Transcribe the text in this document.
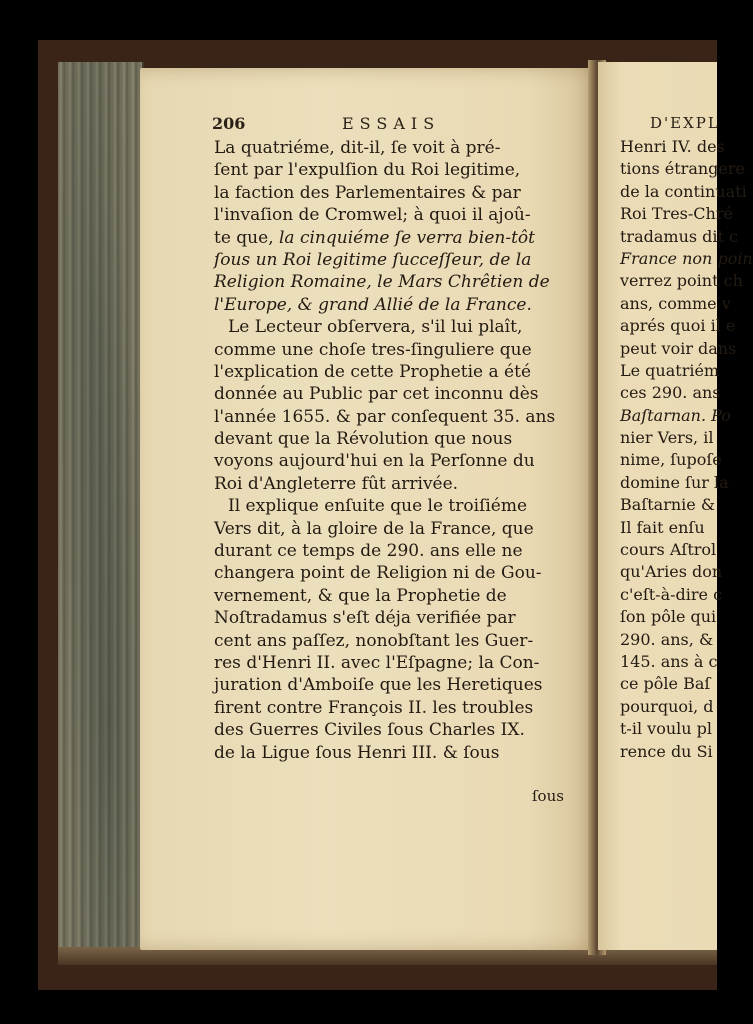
206	ESSAIS
La quatriéme, dit-il, ſe voit à pré-
ſent par l'expulſion du Roi legitime,
la faction des Parlementaires & par
l'invaſion de Cromwel; à quoi il ajoû-
te que, la cinquiéme ſe verra bien-tôt
ſous un Roi legitime ſucceſſeur, de la
Religion Romaine, le Mars Chrêtien de
l'Europe, & grand Allié de la France.
Le Lecteur obſervera, s'il lui plaît,
comme une choſe tres-ſinguliere que
l'explication de cette Prophetie a été
donnée au Public par cet inconnu dès
l'année 1655. & par conſequent 35. ans
devant que la Révolution que nous
voyons aujourd'hui en la Perſonne du
Roi d'Angleterre fût arrivée.
Il explique enſuite que le troiſiéme
Vers dit, à la gloire de la France, que
durant ce temps de 290. ans elle ne
changera point de Religion ni de Gou-
vernement, & que la Prophetie de
Noſtradamus s'eſt déja verifiée par
cent ans paſſez, nonobſtant les Guer-
res d'Henri II. avec l'Eſpagne; la Con-
juration d'Amboiſe que les Heretiques
firent contre François II. les troubles
des Guerres Civiles ſous Charles IX.
de la Ligue ſous Henri III. & ſous
ſous
D'EXPL
Henri IV. des
tions étrangere
de la continuati
Roi Tres-Chré
tradamus dit c
France non poin
verrez point ch
ans, comme v
aprés quoi il e
peut voir dans
Le quatriém
ces 290. ans
Baſtarnan. Po
nier Vers, il
nime, ſupoſe
domine ſur la
Baſtarnie &
Il fait enſu
cours Aſtrol
qu'Aries don
c'eſt-à-dire c
ſon pôle qui
290. ans, &
145. ans à c
ce pôle Baſ
pourquoi, d
t-il voulu pl
rence du Si
